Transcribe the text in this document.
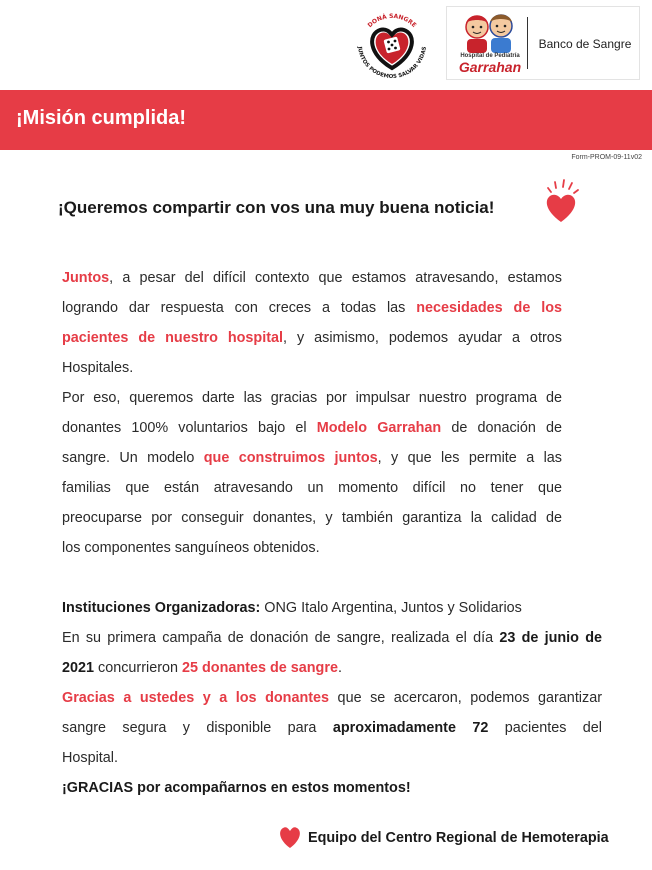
DONÁ SANGRE
JUNTOS PODEMOS SALVAR VIDAS
Hospital de Pediatría
Garrahan
Banco de Sangre
¡Misión cumplida!
Form-PROM-09-11v02
¡Queremos compartir con vos una muy buena noticia!
Juntos, a pesar del difícil contexto que estamos atravesando, estamos
logrando dar respuesta con creces a todas las necesidades de los
pacientes de nuestro hospital, y asimismo, podemos ayudar a otros
Hospitales.
Por eso, queremos darte las gracias por impulsar nuestro programa de
donantes 100% voluntarios bajo el Modelo Garrahan de donación de
sangre. Un modelo que construimos juntos, y que les permite a las
familias que están atravesando un momento difícil no tener que
preocuparse por conseguir donantes, y también garantiza la calidad de
los componentes sanguíneos obtenidos.
Instituciones Organizadoras: ONG Italo Argentina, Juntos y Solidarios
En su primera campaña de donación de sangre, realizada el día 23 de junio de
2021 concurrieron 25 donantes de sangre.
Gracias a ustedes y a los donantes que se acercaron, podemos garantizar
sangre segura y disponible para aproximadamente 72 pacientes del
Hospital.
¡GRACIAS por acompañarnos en estos momentos!
Equipo del Centro Regional de Hemoterapia
